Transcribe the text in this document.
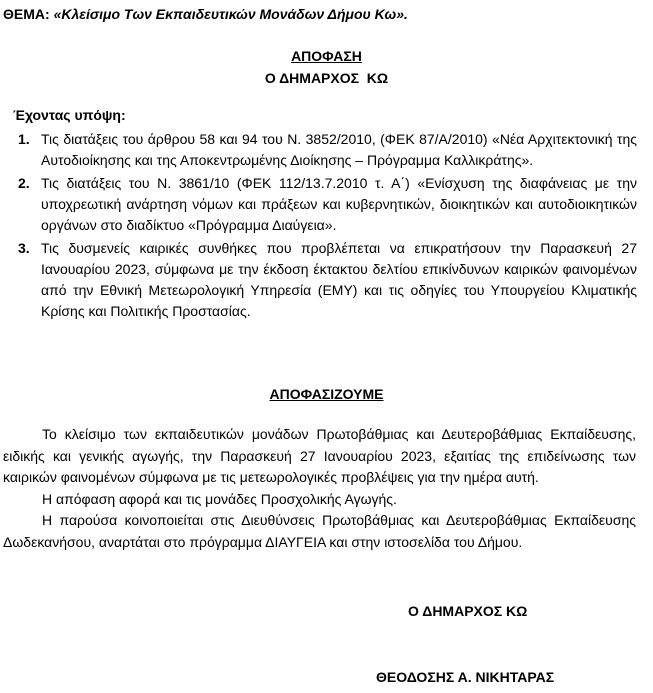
ΘΕΜΑ: «Κλείσιμο Των Εκπαιδευτικών Μονάδων Δήμου Κω».
ΑΠΟΦΑΣΗ
Ο ΔΗΜΑΡΧΟΣ  ΚΩ
Έχοντας υπόψη:
1. Τις διατάξεις του άρθρου 58 και 94 του Ν. 3852/2010, (ΦΕΚ 87/Α/2010) «Νέα Αρχιτεκτονική της Αυτοδιοίκησης και της Αποκεντρωμένης Διοίκησης – Πρόγραμμα Καλλικράτης».
2. Τις διατάξεις του Ν. 3861/10 (ΦΕΚ 112/13.7.2010 τ. Α΄) «Ενίσχυση της διαφάνειας με την υποχρεωτική ανάρτηση νόμων και πράξεων και κυβερνητικών, διοικητικών και αυτοδιοικητικών οργάνων στο διαδίκτυο «Πρόγραμμα Διαύγεια».
3. Τις δυσμενείς καιρικές συνθήκες που προβλέπεται να επικρατήσουν την Παρασκευή 27 Ιανουαρίου 2023, σύμφωνα με την έκδοση έκτακτου δελτίου επικίνδυνων καιρικών φαινομένων από την Εθνική Μετεωρολογική Υπηρεσία (ΕΜΥ) και τις οδηγίες του Υπουργείου Κλιματικής Κρίσης και Πολιτικής Προστασίας.
ΑΠΟΦΑΣΙΖΟΥΜΕ

Το κλείσιμο των εκπαιδευτικών μονάδων Πρωτοβάθμιας και Δευτεροβάθμιας Εκπαίδευσης, ειδικής και γενικής αγωγής, την Παρασκευή 27 Ιανουαρίου 2023, εξαιτίας της επιδείνωσης των καιρικών φαινομένων σύμφωνα με τις μετεωρολογικές προβλέψεις για την ημέρα αυτή.

Η απόφαση αφορά και τις μονάδες Προσχολικής Αγωγής.

Η παρούσα κοινοποιείται στις Διευθύνσεις Πρωτοβάθμιας και Δευτεροβάθμιας Εκπαίδευσης Δωδεκανήσου, αναρτάται στο πρόγραμμα ΔΙΑΥΓΕΙΑ και στην ιστοσελίδα του Δήμου.

Ο ΔΗΜΑΡΧΟΣ ΚΩ
ΘΕΟΔΟΣΗΣ Α. ΝΙΚΗΤΑΡΑΣ
